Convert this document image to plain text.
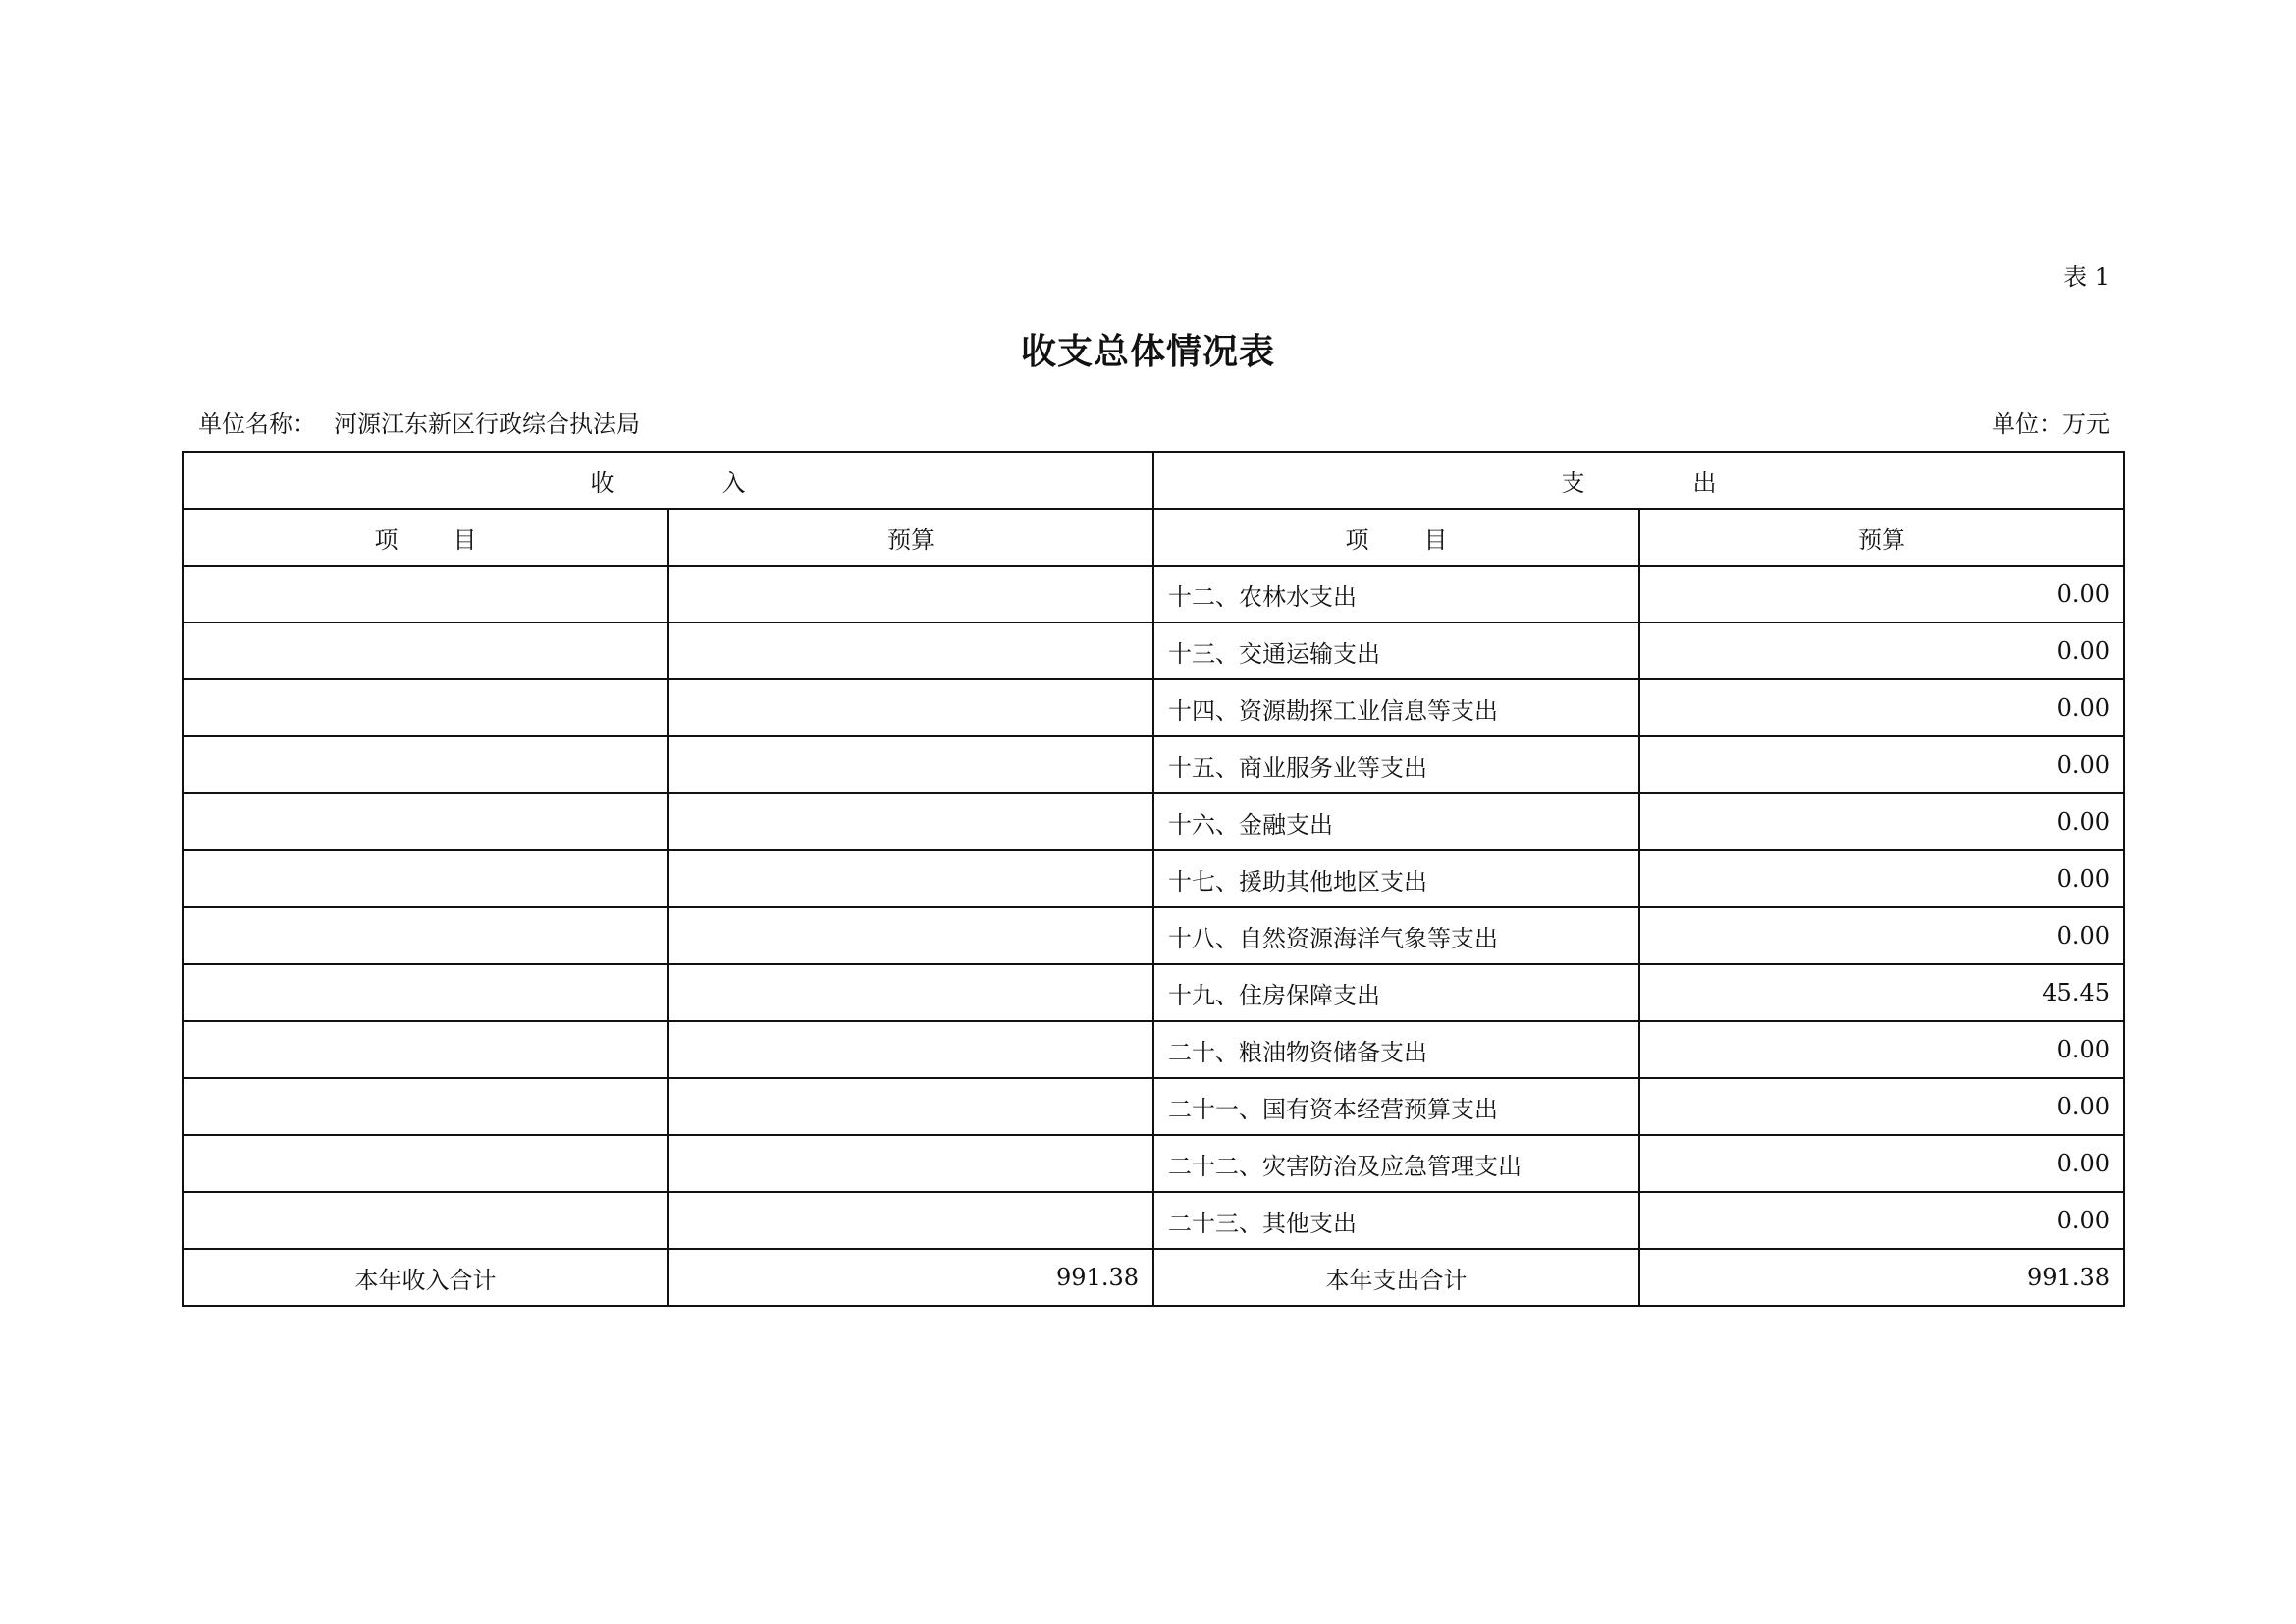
表 1
收支总体情况表
单位名称： 河源江东新区行政综合执法局	单位：万元
收入		支出	
项目	预算	项目	预算
		十二、农林水支出	0.00
		十三、交通运输支出	0.00
		十四、资源勘探工业信息等支出	0.00
		十五、商业服务业等支出	0.00
		十六、金融支出	0.00
		十七、援助其他地区支出	0.00
		十八、自然资源海洋气象等支出	0.00
		十九、住房保障支出	45.45
		二十、粮油物资储备支出	0.00
		二十一、国有资本经营预算支出	0.00
		二十二、灾害防治及应急管理支出	0.00
		二十三、其他支出	0.00
本年收入合计	991.38	本年支出合计	991.38
